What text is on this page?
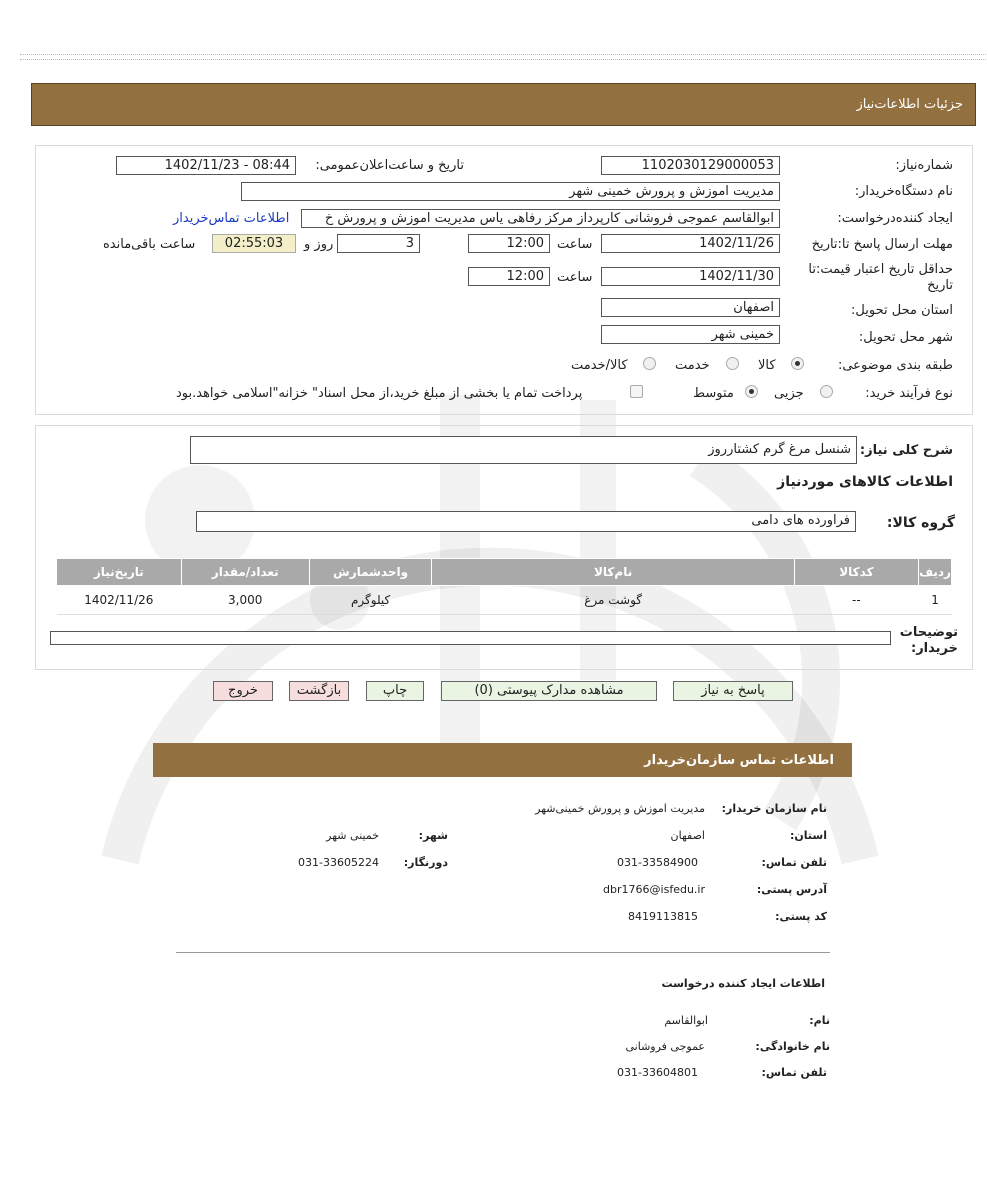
جزئیات اطلاعات‌نیاز
شماره‌نیاز:
1102030129000053
تاریخ و ساعت‌اعلان‌عمومی:
1402/11/23 - 08:44
نام دستگاه‌خریدار:
مدیریت اموزش و پرورش خمینی شهر
ایجاد کننده‌درخواست:
ابوالقاسم عموجی فروشانی کارپرداز مرکز رفاهی یاس مدیریت اموزش و پرورش خ
اطلاعات تماس‌خریدار
مهلت ارسال پاسخ تا:تاریخ
1402/11/26
ساعت
12:00
3
روز و
02:55:03
ساعت باقی‌مانده
حداقل تاریخ اعتبار قیمت:تا تاریخ
1402/11/30
ساعت
12:00
استان محل تحویل:
اصفهان
شهر محل تحویل:
خمینی شهر
طبقه بندی موضوعی:
کالا
خدمت
کالا/خدمت
نوع فرآیند خرید:
جزیی
متوسط
پرداخت تمام یا بخشی از مبلغ خرید،از محل اسناد" خزانه"اسلامی خواهد.بود
شرح کلی نیاز:
شنسل مرغ گرم کشتارروز
اطلاعات کالاهای موردنیاز
گروه کالا:
فراورده های دامی
ردیف	کدکالا	نام‌کالا	واحدشمارش	تعداد/مقدار	تاریخ‌نیاز
1	--	گوشت مرغ	کیلوگرم	3,000	1402/11/26
توضیحات خریدار:
پاسخ به نیاز
مشاهده مدارک پیوستی (0)
چاپ
بازگشت
خروج
اطلاعات تماس سازمان‌خریدار
نام سازمان خریدار:
مدیریت اموزش و پرورش خمینی‌شهر
استان:
اصفهان
شهر:
خمینی شهر
تلفن تماس:
031-33584900
دورنگار:
031-33605224
آدرس پستی:
dbr1766@isfedu.ir
کد پستی:
8419113815
اطلاعات ایجاد کننده درخواست
نام:
ابوالقاسم
نام خانوادگی:
عموجی فروشانی
تلفن تماس:
031-33604801
